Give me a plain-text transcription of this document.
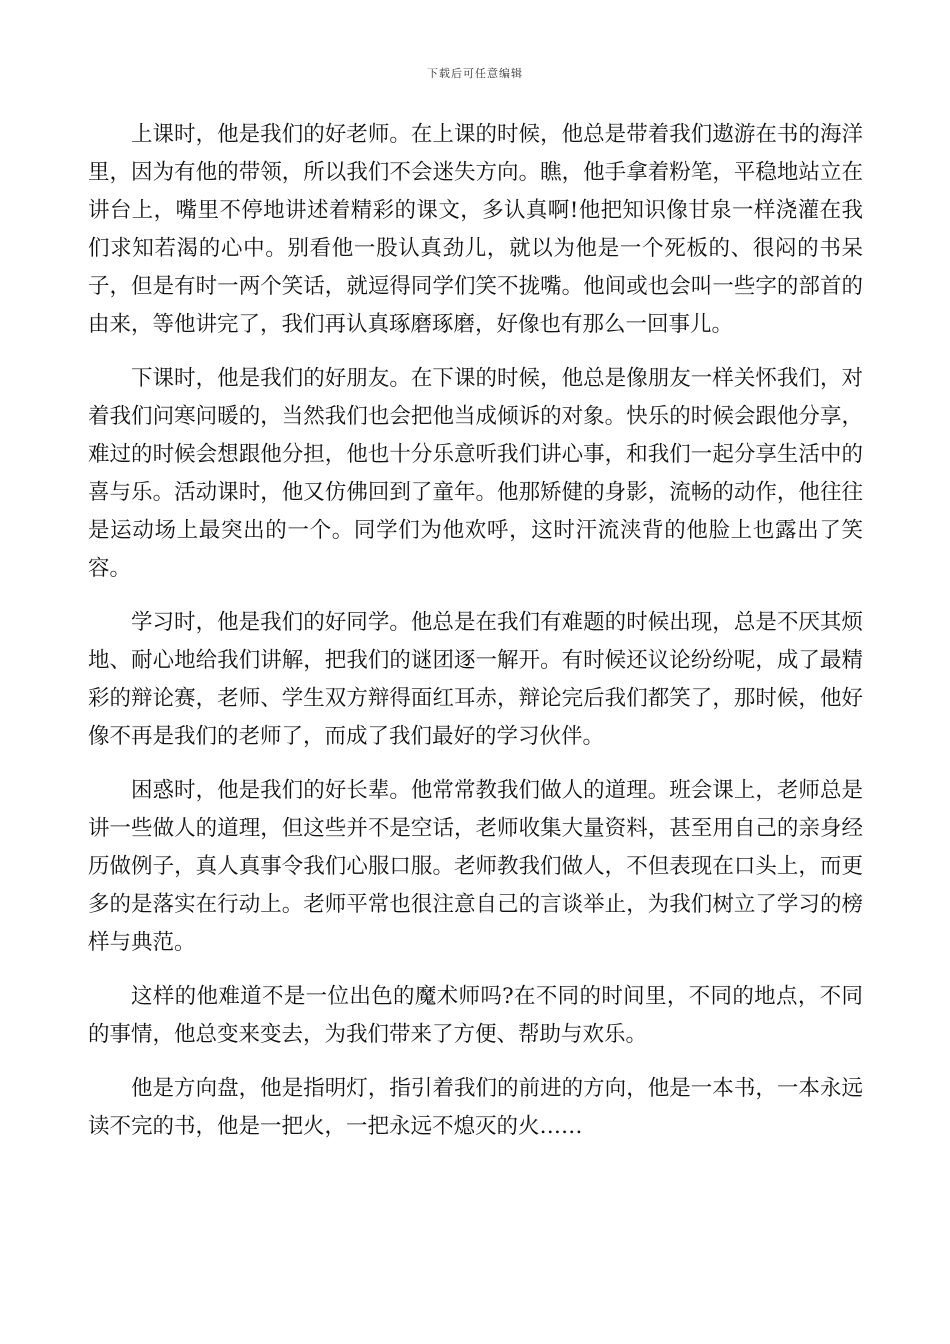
下载后可任意编辑

上课时，他是我们的好老师。在上课的时候，他总是带着我们遨游在书的海洋里，因为有他的带领，所以我们不会迷失方向。瞧，他手拿着粉笔，平稳地站立在讲台上，嘴里不停地讲述着精彩的课文，多认真啊!他把知识像甘泉一样浇灌在我们求知若渴的心中。别看他一股认真劲儿，就以为他是一个死板的、很闷的书呆子，但是有时一两个笑话，就逗得同学们笑不拢嘴。他间或也会叫一些字的部首的由来，等他讲完了，我们再认真琢磨琢磨，好像也有那么一回事儿。

下课时，他是我们的好朋友。在下课的时候，他总是像朋友一样关怀我们，对着我们问寒问暖的，当然我们也会把他当成倾诉的对象。快乐的时候会跟他分享，难过的时候会想跟他分担，他也十分乐意听我们讲心事，和我们一起分享生活中的喜与乐。活动课时，他又仿佛回到了童年。他那矫健的身影，流畅的动作，他往往是运动场上最突出的一个。同学们为他欢呼，这时汗流浃背的他脸上也露出了笑容。

学习时，他是我们的好同学。他总是在我们有难题的时候出现，总是不厌其烦地、耐心地给我们讲解，把我们的谜团逐一解开。有时候还议论纷纷呢，成了最精彩的辩论赛，老师、学生双方辩得面红耳赤，辩论完后我们都笑了，那时候，他好像不再是我们的老师了，而成了我们最好的学习伙伴。

困惑时，他是我们的好长辈。他常常教我们做人的道理。班会课上，老师总是讲一些做人的道理，但这些并不是空话，老师收集大量资料，甚至用自己的亲身经历做例子，真人真事令我们心服口服。老师教我们做人，不但表现在口头上，而更多的是落实在行动上。老师平常也很注意自己的言谈举止，为我们树立了学习的榜样与典范。

这样的他难道不是一位出色的魔术师吗?在不同的时间里，不同的地点，不同的事情，他总变来变去，为我们带来了方便、帮助与欢乐。

他是方向盘，他是指明灯，指引着我们的前进的方向，他是一本书，一本永远读不完的书，他是一把火，一把永远不熄灭的火……
